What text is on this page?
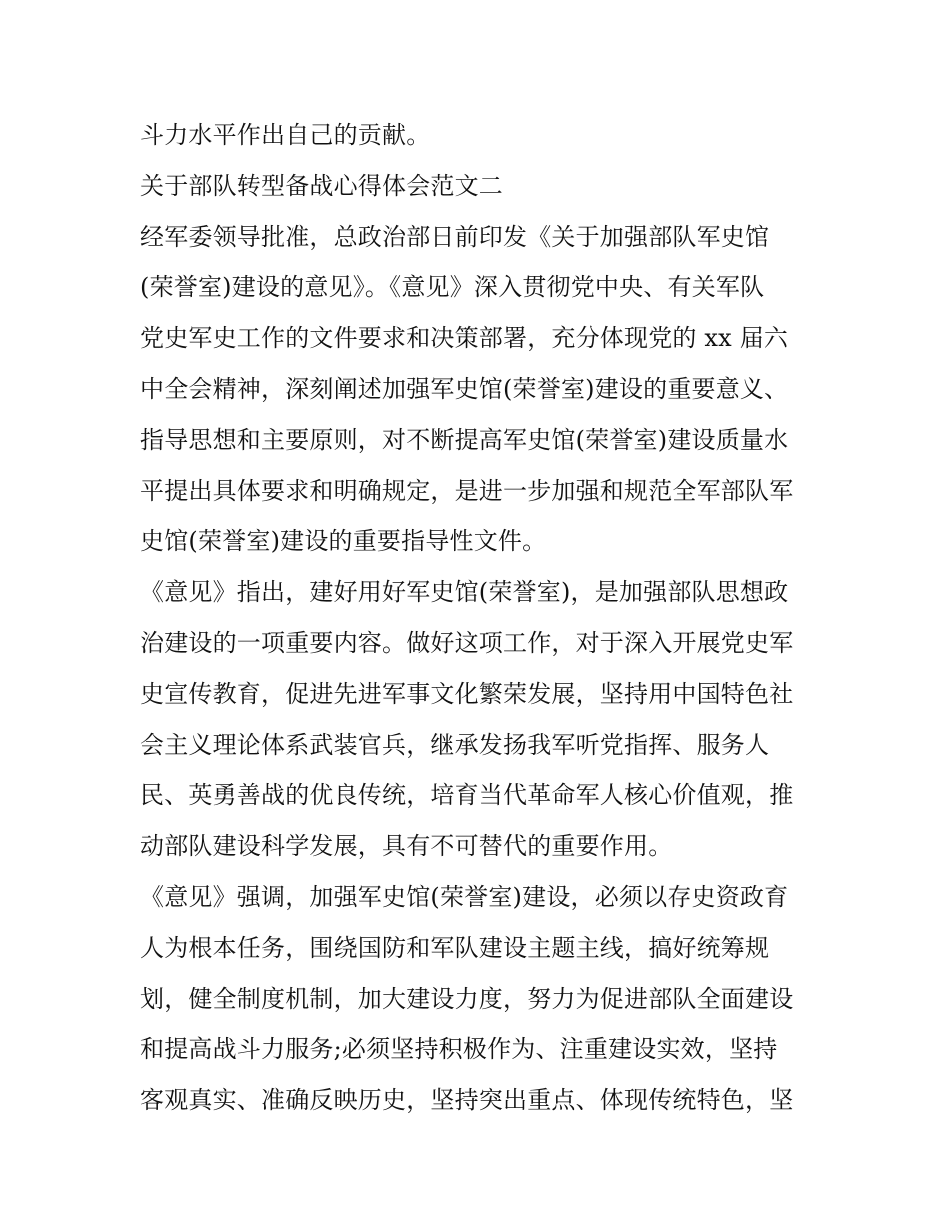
斗力水平作出自己的贡献。
关于部队转型备战心得体会范文二
经军委领导批准，总政治部日前印发《关于加强部队军史馆
(荣誉室)建设的意见》。《意见》深入贯彻党中央、有关军队
党史军史工作的文件要求和决策部署，充分体现党的 xx 届六
中全会精神，深刻阐述加强军史馆(荣誉室)建设的重要意义、
指导思想和主要原则，对不断提高军史馆(荣誉室)建设质量水
平提出具体要求和明确规定，是进一步加强和规范全军部队军
史馆(荣誉室)建设的重要指导性文件。
《意见》指出，建好用好军史馆(荣誉室)，是加强部队思想政
治建设的一项重要内容。做好这项工作，对于深入开展党史军
史宣传教育，促进先进军事文化繁荣发展，坚持用中国特色社
会主义理论体系武装官兵，继承发扬我军听党指挥、服务人
民、英勇善战的优良传统，培育当代革命军人核心价值观，推
动部队建设科学发展，具有不可替代的重要作用。
《意见》强调，加强军史馆(荣誉室)建设，必须以存史资政育
人为根本任务，围绕国防和军队建设主题主线，搞好统筹规
划，健全制度机制，加大建设力度，努力为促进部队全面建设
和提高战斗力服务;必须坚持积极作为、注重建设实效，坚持
客观真实、准确反映历史，坚持突出重点、体现传统特色，坚
